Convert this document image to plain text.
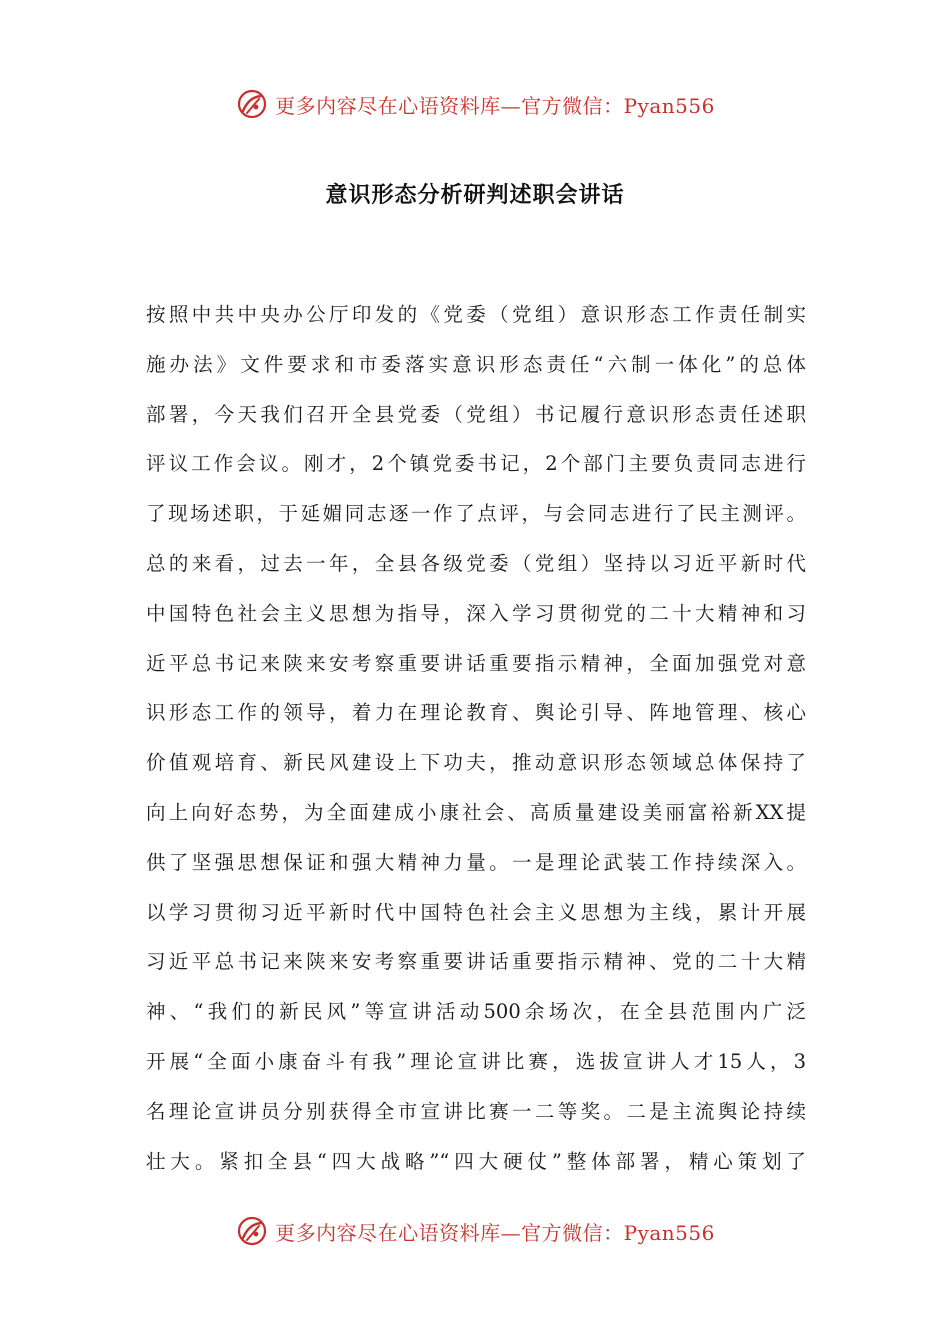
更多内容尽在心语资料库—官方微信：Pyan556
意识形态分析研判述职会讲话
按照中共中央办公厅印发的《党委（党组）意识形态工作责任制实
施办法》文件要求和市委落实意识形态责任“六制一体化”的总体
部署，今天我们召开全县党委（党组）书记履行意识形态责任述职
评议工作会议。刚才，2个镇党委书记，2个部门主要负责同志进行
了现场述职，于延媚同志逐一作了点评，与会同志进行了民主测评。
总的来看，过去一年，全县各级党委（党组）坚持以习近平新时代
中国特色社会主义思想为指导，深入学习贯彻党的二十大精神和习
近平总书记来陕来安考察重要讲话重要指示精神，全面加强党对意
识形态工作的领导，着力在理论教育、舆论引导、阵地管理、核心
价值观培育、新民风建设上下功夫，推动意识形态领域总体保持了
向上向好态势，为全面建成小康社会、高质量建设美丽富裕新XX提
供了坚强思想保证和强大精神力量。一是理论武装工作持续深入。
以学习贯彻习近平新时代中国特色社会主义思想为主线，累计开展
习近平总书记来陕来安考察重要讲话重要指示精神、党的二十大精
神、“我们的新民风”等宣讲活动500余场次，在全县范围内广泛
开展“全面小康奋斗有我”理论宣讲比赛，选拔宣讲人才15人，3
名理论宣讲员分别获得全市宣讲比赛一二等奖。二是主流舆论持续
壮大。紧扣全县“四大战略”“四大硬仗”整体部署，精心策划了
更多内容尽在心语资料库—官方微信：Pyan556
